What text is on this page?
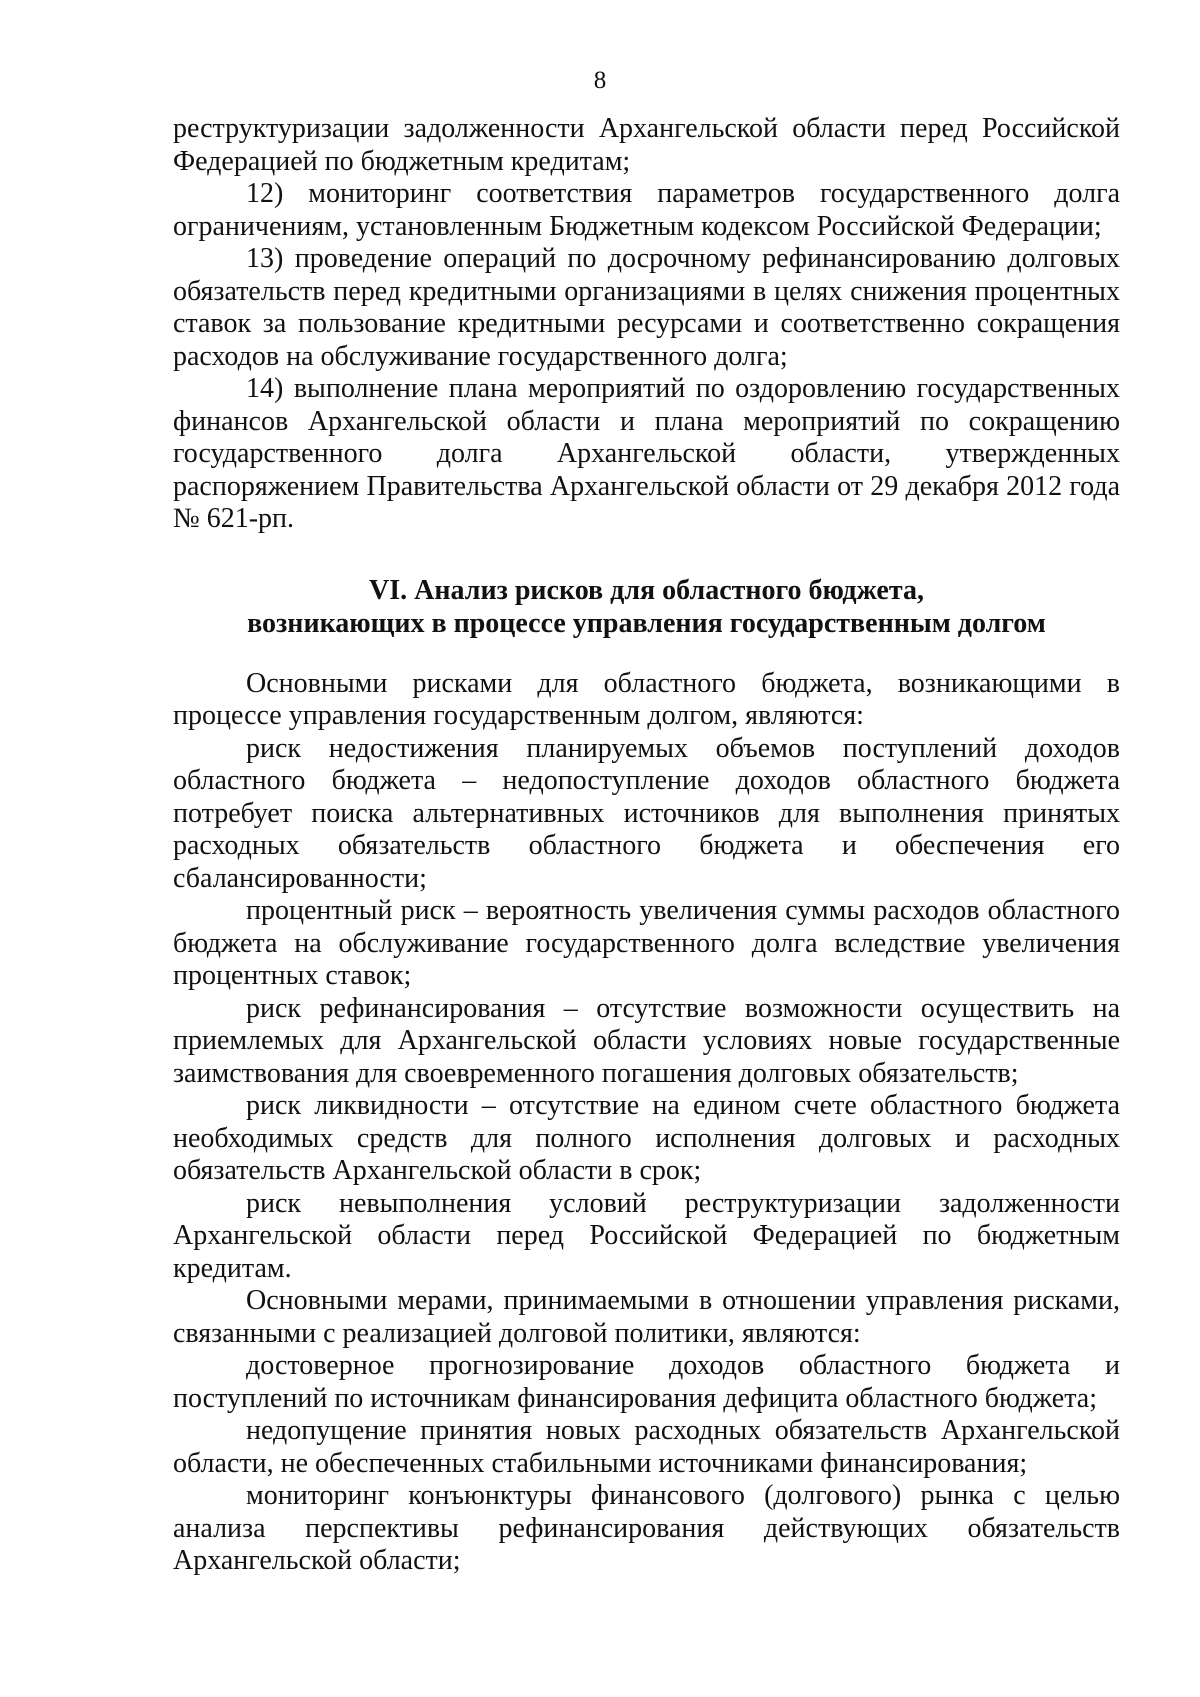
8

реструктуризации задолженности Архангельской области перед Российской Федерацией по бюджетным кредитам;

12) мониторинг соответствия параметров государственного долга ограничениям, установленным Бюджетным кодексом Российской Федерации;

13) проведение операций по досрочному рефинансированию долговых обязательств перед кредитными организациями в целях снижения процентных ставок за пользование кредитными ресурсами и соответственно сокращения расходов на обслуживание государственного долга;

14) выполнение плана мероприятий по оздоровлению государственных финансов Архангельской области и плана мероприятий по сокращению государственного долга Архангельской области, утвержденных распоряжением Правительства Архангельской области от 29 декабря 2012 года № 621-рп.

VI. Анализ рисков для областного бюджета,
возникающих в процессе управления государственным долгом

Основными рисками для областного бюджета, возникающими в процессе управления государственным долгом, являются:

риск недостижения планируемых объемов поступлений доходов областного бюджета – недопоступление доходов областного бюджета потребует поиска альтернативных источников для выполнения принятых расходных обязательств областного бюджета и обеспечения его сбалансированности;

процентный риск – вероятность увеличения суммы расходов областного бюджета на обслуживание государственного долга вследствие увеличения процентных ставок;

риск рефинансирования – отсутствие возможности осуществить на приемлемых для Архангельской области условиях новые государственные заимствования для своевременного погашения долговых обязательств;

риск ликвидности – отсутствие на едином счете областного бюджета необходимых средств для полного исполнения долговых и расходных обязательств Архангельской области в срок;

риск невыполнения условий реструктуризации задолженности Архангельской области перед Российской Федерацией по бюджетным кредитам.

Основными мерами, принимаемыми в отношении управления рисками, связанными с реализацией долговой политики, являются:

достоверное прогнозирование доходов областного бюджета и поступлений по источникам финансирования дефицита областного бюджета;

недопущение принятия новых расходных обязательств Архангельской области, не обеспеченных стабильными источниками финансирования;

мониторинг конъюнктуры финансового (долгового) рынка с целью анализа перспективы рефинансирования действующих обязательств Архангельской области;
